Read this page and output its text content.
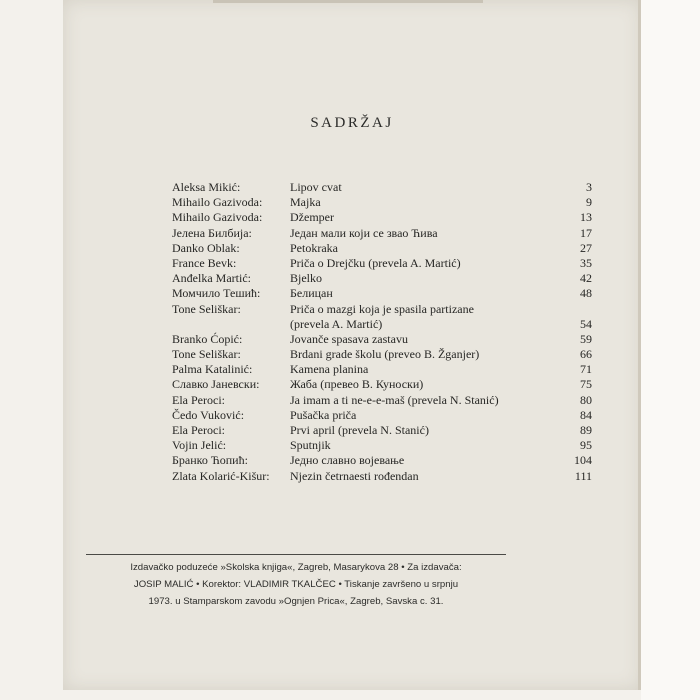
SADRŽAJ
Aleksa Mikić:	Lipov cvat	3
Mihailo Gazivoda: Majka	9
Mihailo Gazivoda: Džemper	13
Јелена Билбија:	Један мали који се звао Ћива	17
Danko Oblak:	Petokraka	27
France Bevk:	Priča o Drejčku (prevela A. Martić)	35
Anđelka Martić:	Bjelko	42
Момчило Тешић: Белицан	48
Tone Seliškar:	Priča o mazgi koja je spasila partizane
(prevela A. Martić)	54
Branko Ćopić:	Jovanče spasava zastavu	59
Tone Seliškar:	Brdani grade školu (preveo B. Žganjer)	66
Palma Katalinić:	Kamena planina	71
Славко Јаневски:	Жаба (превео В. Куноски)	75
Ela Peroci:	Ja imam a ti ne-e-e-maš (prevela N. Stanić)	80
Čedo Vuković:	Pušačka priča	84
Ela Peroci:	Prvi april (prevela N. Stanić)	89
Vojin Jelić:	Sputnjik	95
Бранко Ћопић:	Једно славно војевање	104
Zlata Kolarić-Kišur: Njezin četrnaesti rođendan	111
Izdavačko poduzeće »Skolska knjiga«, Zagreb, Masarykova 28 • Za izdavača:
JOSIP MALIĆ • Korektor: VLADIMIR TKALČEC • Tiskanje završeno u srpnju
1973. u Stamparskom zavodu »Ognjen Prica«, Zagreb, Savska c. 31.
